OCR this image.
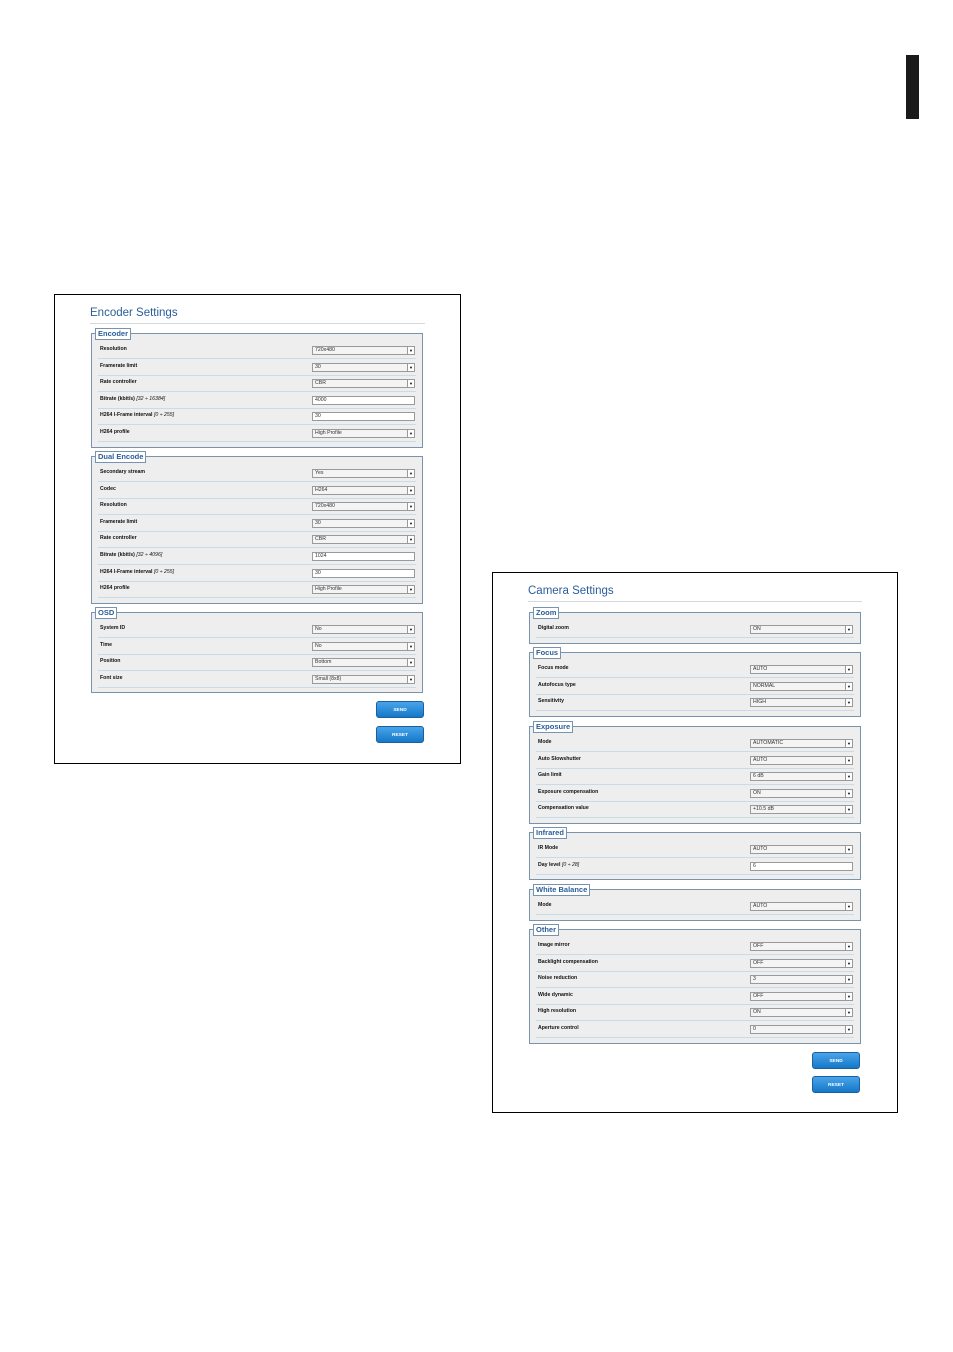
Encoder Settings
Encoder
Resolution	720x480	▼
Framerate limit	30	▼
Rate controller	CBR	▼
Bitrate (kbit/s) [32 ÷ 16384]	4000
H264 I-Frame interval [0 ÷ 255]	30
H264 profile	High Profile	▼
Dual Encode
Secondary stream	Yes	▼
Codec	H264	▼
Resolution	720x480	▼
Framerate limit	30	▼
Rate controller	CBR	▼
Bitrate (kbit/s) [32 ÷ 4096]	1024
H264 I-Frame interval [0 ÷ 255]	30
H264 profile	High Profile	▼
OSD
System ID	No	▼
Time	No	▼
Position	Bottom	▼
Font size	Small (8x8)	▼
SEND
RESET
Camera Settings
Zoom
Digital zoom	ON	▼
Focus
Focus mode	AUTO	▼
Autofocus type	NORMAL	▼
Sensitivity	HIGH	▼
Exposure
Mode	AUTOMATIC	▼
Auto Slowshutter	AUTO	▼
Gain limit	6 dB	▼
Exposure compensation	ON	▼
Compensation value	+10.5 dB	▼
Infrared
IR Mode	AUTO	▼
Day level [0 ÷ 28]	6
White Balance
Mode	AUTO	▼
Other
Image mirror	OFF	▼
Backlight compensation	OFF	▼
Noise reduction	3	▼
Wide dynamic	OFF	▼
High resolution	ON	▼
Aperture control	0	▼
SEND
RESET
